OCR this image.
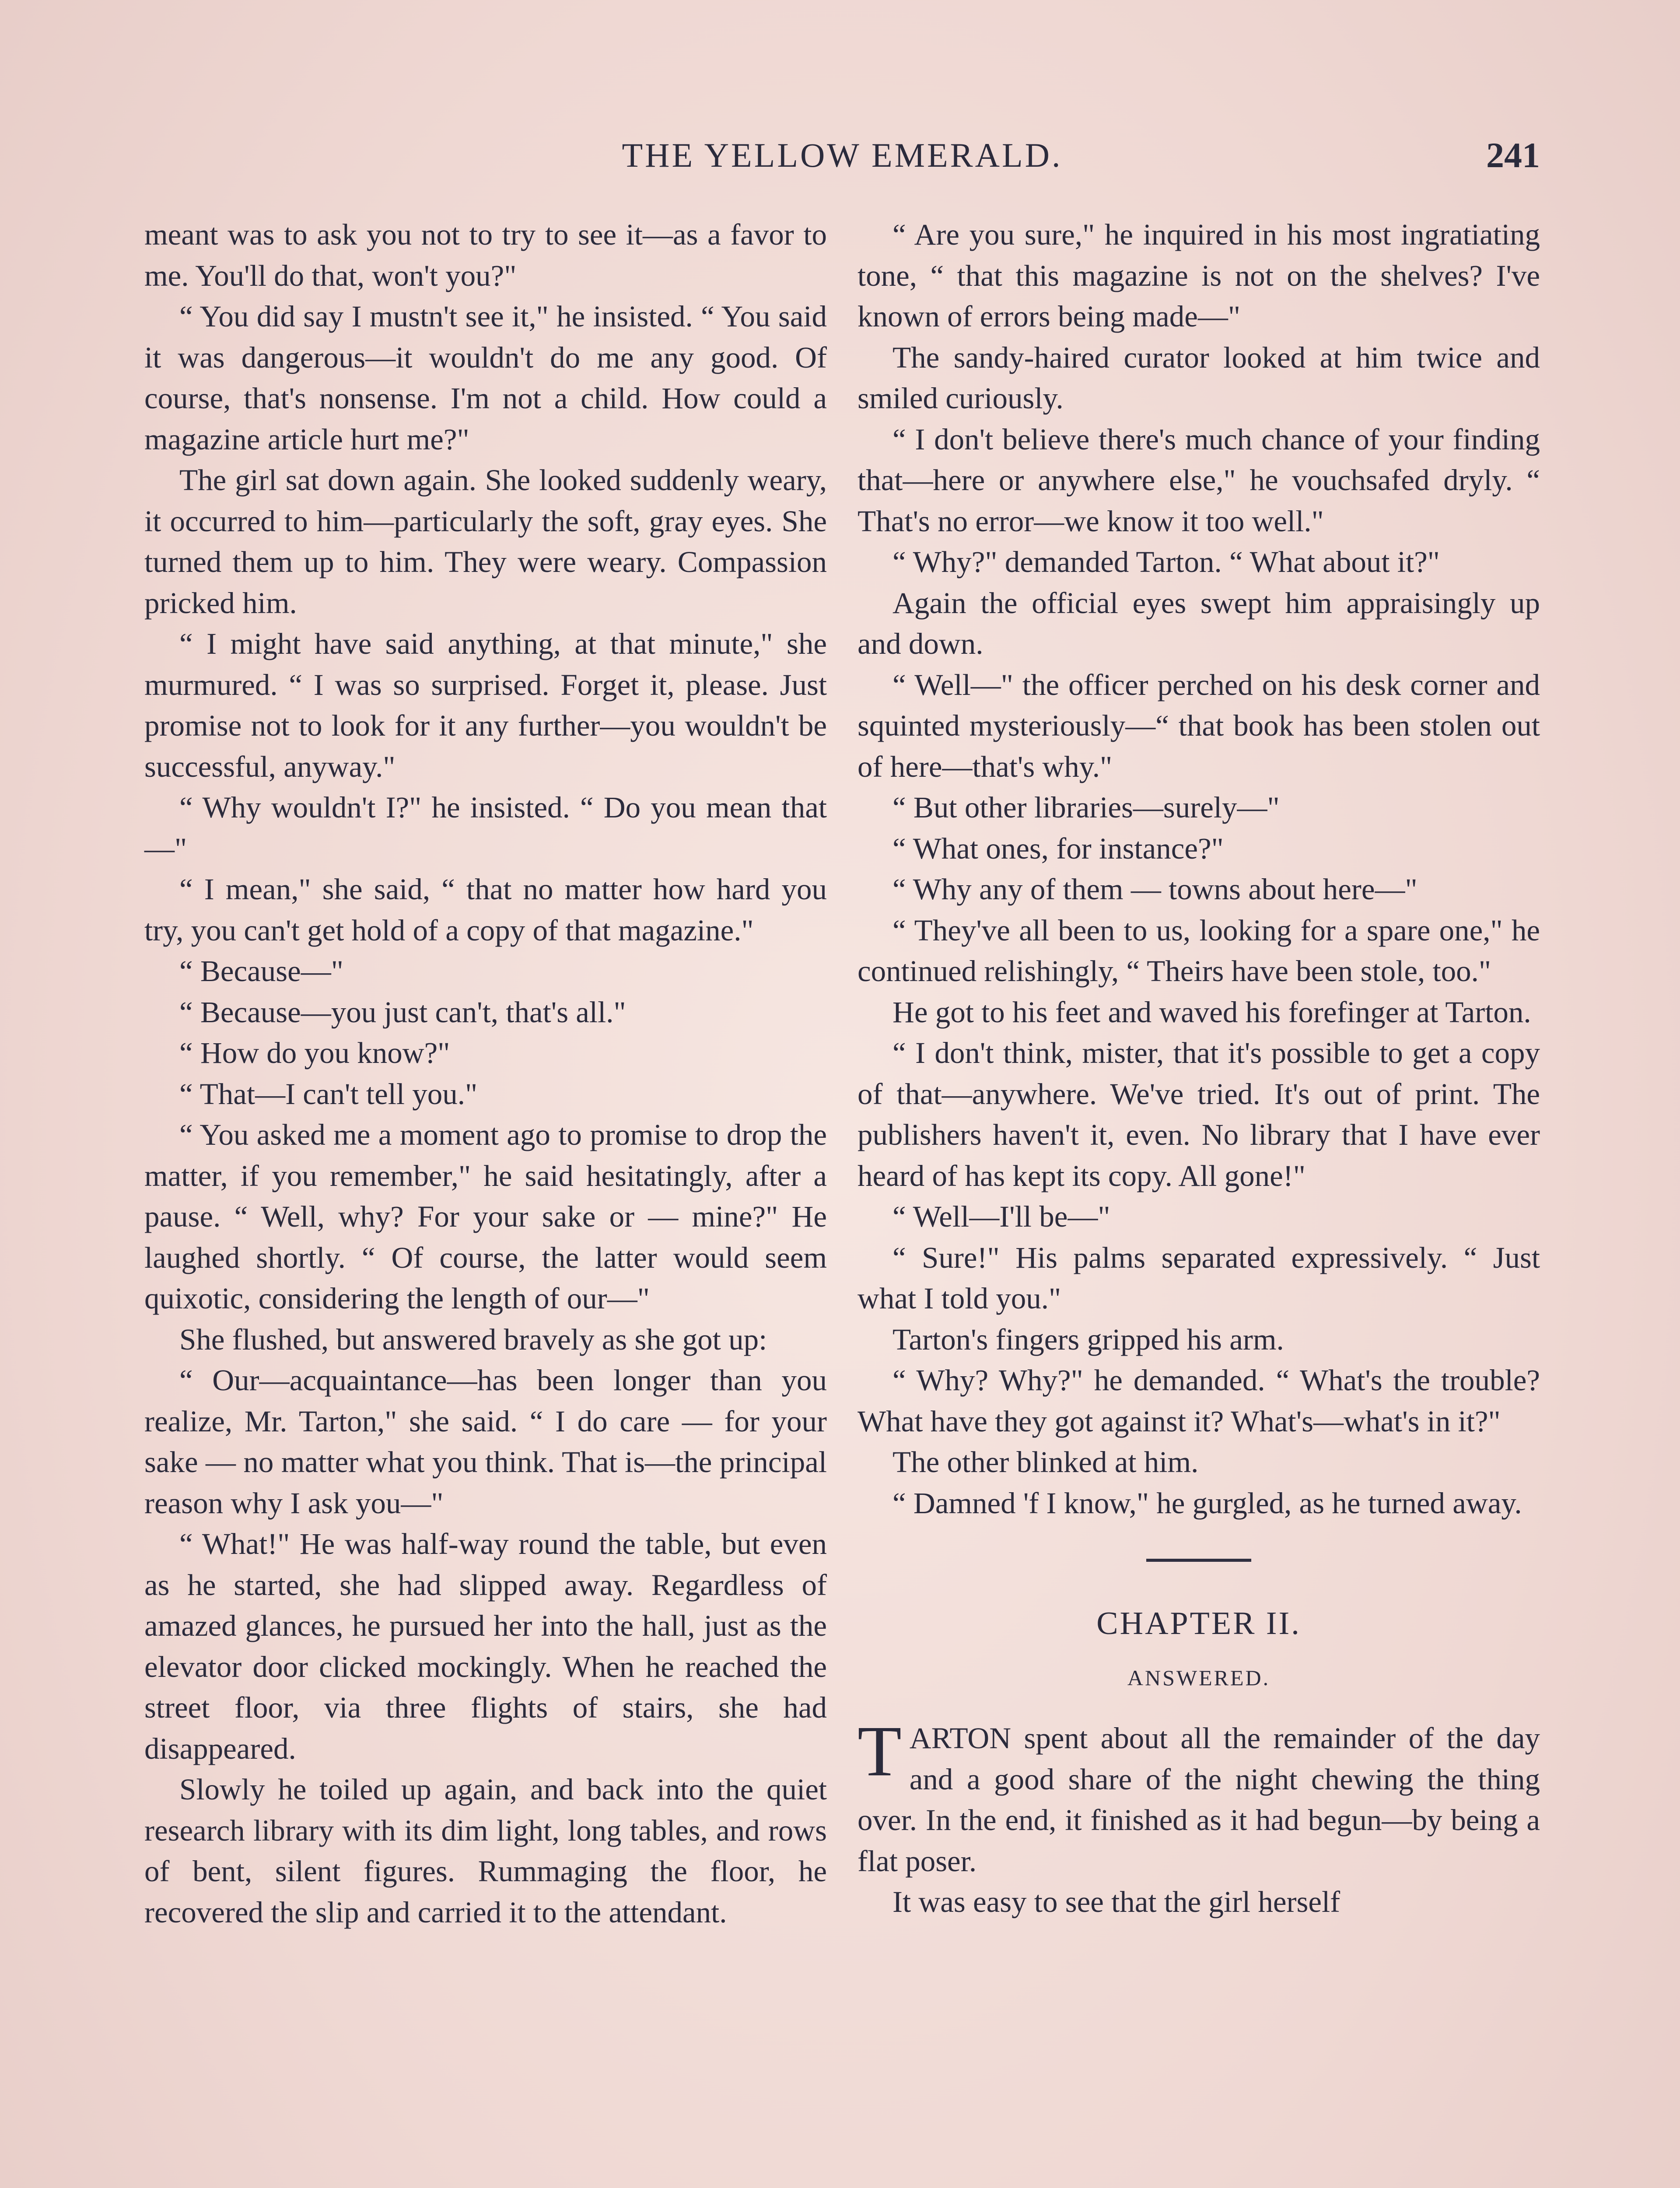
THE YELLOW EMERALD.	241

meant was to ask you not to try to see it—as a favor to me. You'll do that, won't you?"

“ You did say I mustn't see it," he insisted. “ You said it was dangerous—it wouldn't do me any good. Of course, that's nonsense. I'm not a child. How could a magazine article hurt me?"

The girl sat down again. She looked suddenly weary, it occurred to him—particularly the soft, gray eyes. She turned them up to him. They were weary. Compassion pricked him.

“ I might have said anything, at that minute," she murmured. “ I was so surprised. Forget it, please. Just promise not to look for it any further—you wouldn't be successful, anyway."

“ Why wouldn't I?" he insisted. “ Do you mean that—"

“ I mean," she said, “ that no matter how hard you try, you can't get hold of a copy of that magazine."

“ Because—"

“ Because—you just can't, that's all."

“ How do you know?"

“ That—I can't tell you."

“ You asked me a moment ago to promise to drop the matter, if you remember," he said hesitatingly, after a pause. “ Well, why? For your sake or — mine?" He laughed shortly. “ Of course, the latter would seem quixotic, considering the length of our—"

She flushed, but answered bravely as she got up:

“ Our—acquaintance—has been longer than you realize, Mr. Tarton," she said. “ I do care — for your sake — no matter what you think. That is—the principal reason why I ask you—"

“ What!" He was half-way round the table, but even as he started, she had slipped away. Regardless of amazed glances, he pursued her into the hall, just as the elevator door clicked mockingly. When he reached the street floor, via three flights of stairs, she had disappeared.

Slowly he toiled up again, and back into the quiet research library with its dim light, long tables, and rows of bent, silent figures. Rummaging the floor, he recovered the slip and carried it to the attendant.

“ Are you sure," he inquired in his most ingratiating tone, “ that this magazine is not on the shelves? I've known of errors being made—"

The sandy-haired curator looked at him twice and smiled curiously.

“ I don't believe there's much chance of your finding that—here or anywhere else," he vouchsafed dryly. “ That's no error—we know it too well."

“ Why?" demanded Tarton. “ What about it?"

Again the official eyes swept him appraisingly up and down.

“ Well—" the officer perched on his desk corner and squinted mysteriously—“ that book has been stolen out of here—that's why."

“ But other libraries—surely—"

“ What ones, for instance?"

“ Why any of them — towns about here—"

“ They've all been to us, looking for a spare one," he continued relishingly, “ Theirs have been stole, too."

He got to his feet and waved his forefinger at Tarton.

“ I don't think, mister, that it's possible to get a copy of that—anywhere. We've tried. It's out of print. The publishers haven't it, even. No library that I have ever heard of has kept its copy. All gone!"

“ Well—I'll be—"

“ Sure!" His palms separated expressively. “ Just what I told you."

Tarton's fingers gripped his arm.

“ Why? Why?" he demanded. “ What's the trouble? What have they got against it? What's—what's in it?"

The other blinked at him.

“ Damned 'f I know," he gurgled, as he turned away.

CHAPTER II.
ANSWERED.

TARTON spent about all the remainder of the day and a good share of the night chewing the thing over. In the end, it finished as it had begun—by being a flat poser.

It was easy to see that the girl herself
